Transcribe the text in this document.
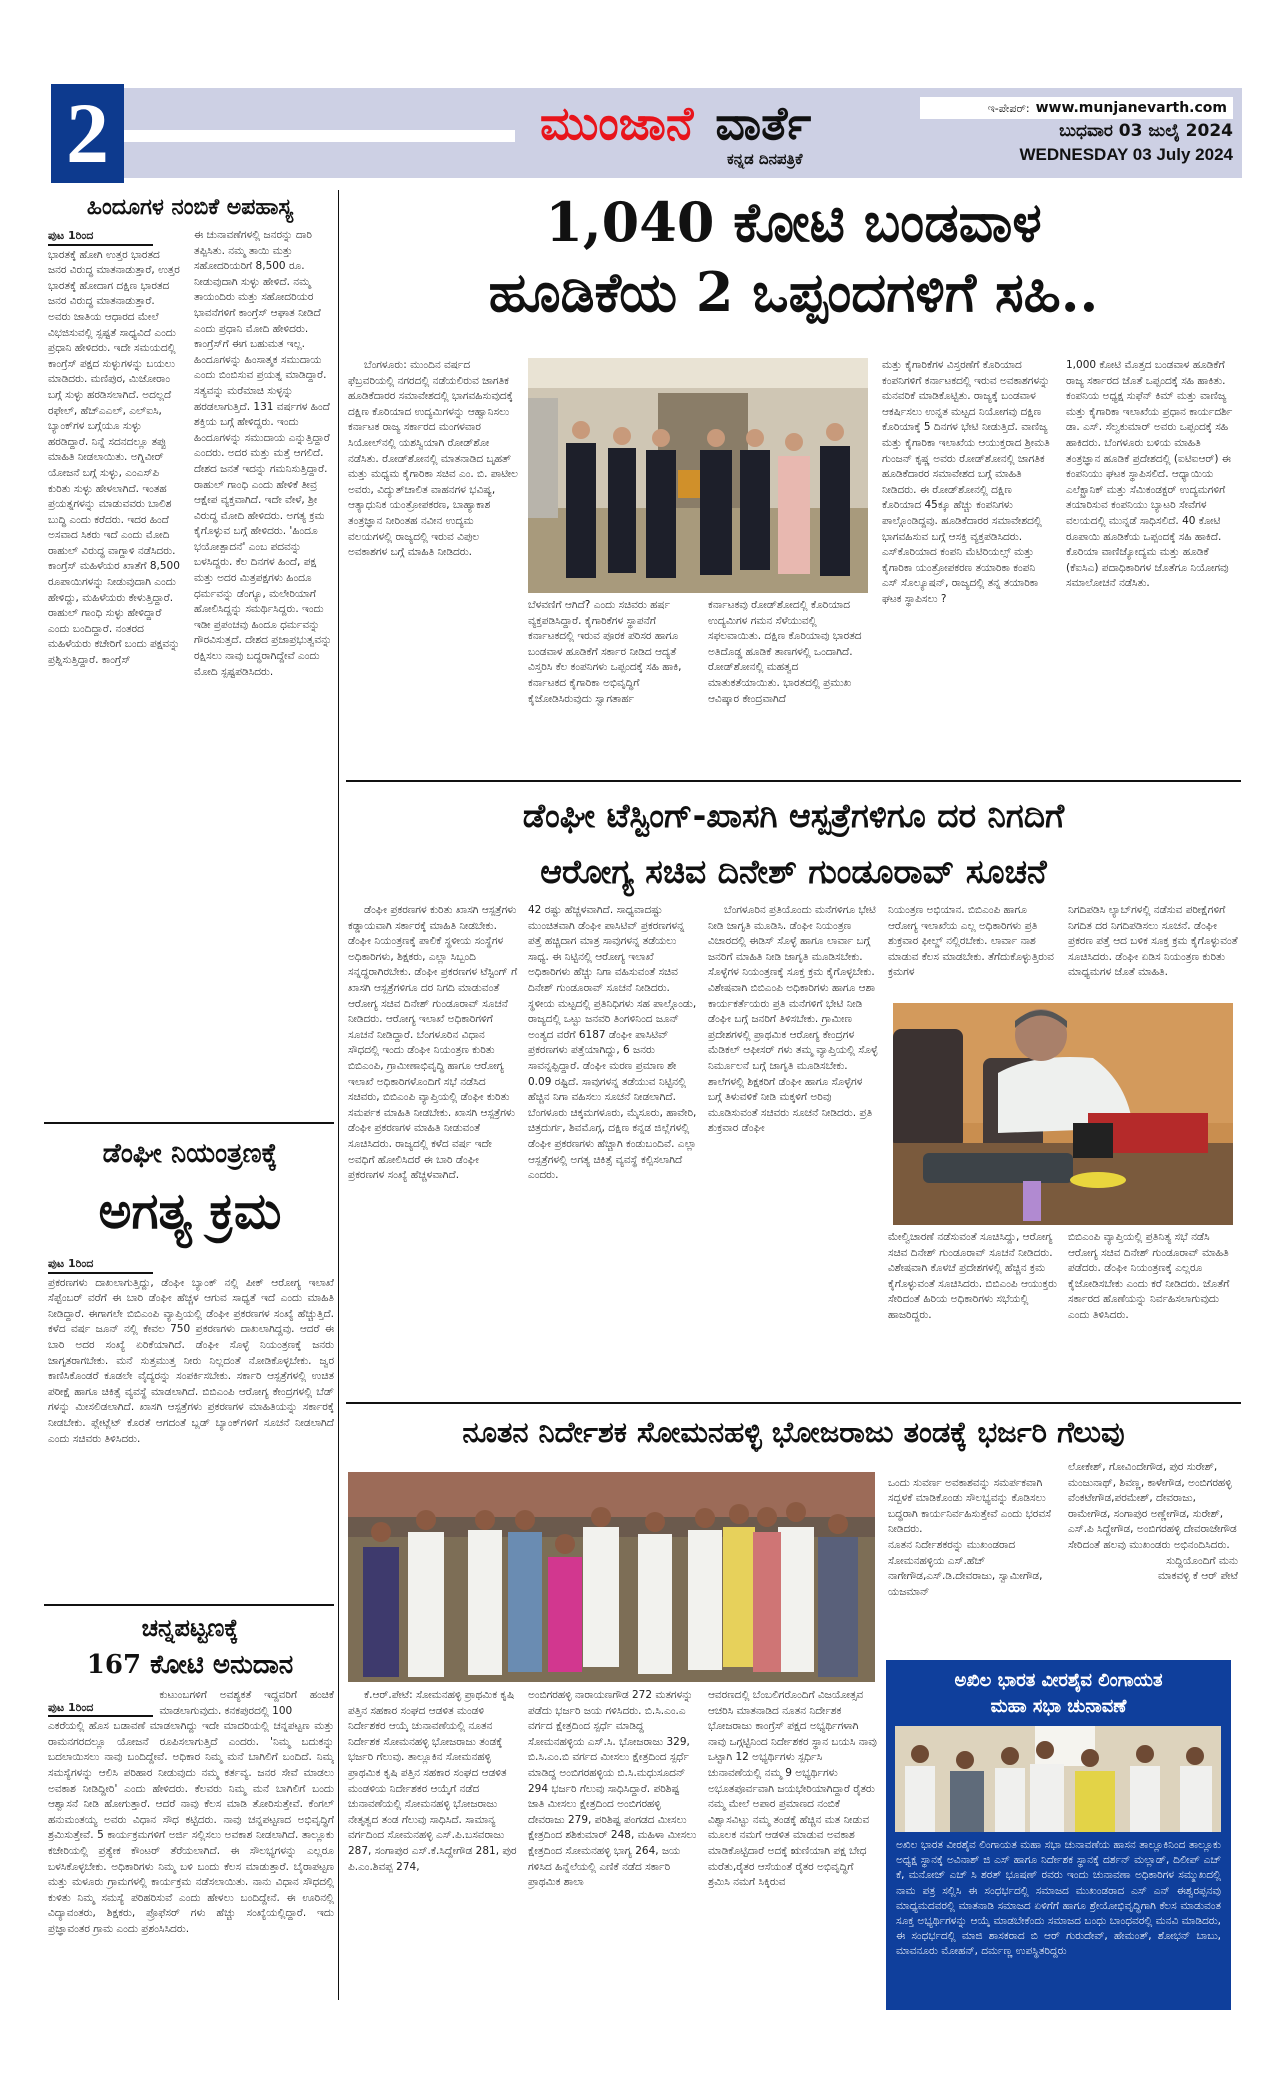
2	ಮುಂಜಾನೆ ವಾರ್ತೆ
ಕನ್ನಡ ದಿನಪತ್ರಿಕೆ
ಇ-ಪೇಪರ್: www.munjanevarth.com
ಬುಧವಾರ 03 ಜುಲೈ 2024
WEDNESDAY 03 July 2024
ಹಿಂದೂಗಳ ನಂಬಿಕೆ ಅಪಹಾಸ್ಯ
ಪುಟ 1ರಿಂದ
ಭಾರತಕ್ಕೆ ಹೋಗಿ ಉತ್ತರ ಭಾರತದ ಜನರ ವಿರುದ್ಧ ಮಾತನಾಡುತ್ತಾರೆ, ಉತ್ತರ ಭಾರತಕ್ಕೆ ಹೋದಾಗ ದಕ್ಷಿಣ ಭಾರತದ ಜನರ ವಿರುದ್ಧ ಮಾತನಾಡುತ್ತಾರೆ. ಅವರು ಜಾತಿಯ ಆಧಾರದ ಮೇಲೆ ವಿಭಜಿಸುವಲ್ಲಿ ಸ್ಪಷ್ಟತೆ ಸಾಧ್ಯವಿದೆ ಎಂದು ಪ್ರಧಾನಿ ಹೇಳಿದರು. ಇದೇ ಸಮಯದಲ್ಲಿ ಕಾಂಗ್ರೆಸ್ ಪಕ್ಷದ ಸುಳ್ಳುಗಳನ್ನು ಬಯಲು ಮಾಡಿದರು. ಮಣಿಪುರ, ಮಿಜೋರಾಂ ಬಗ್ಗೆ ಸುಳ್ಳು ಹರಡಿಸಲಾಗಿದೆ. ಅದಲ್ಲದೆ ರಫೇಲ್, ಹೆಚ್ಎಎಲ್, ಎಲ್ಐಸಿ, ಬ್ಯಾಂಕ್‌ಗಳ ಬಗ್ಗೆಯೂ ಸುಳ್ಳು ಹರಡಿದ್ದಾರೆ. ನಿನ್ನೆ ಸದನದಲ್ಲೂ ತಪ್ಪು ಮಾಹಿತಿ ನೀಡಲಾಯಿತು. ಅಗ್ನಿವೀರ್ ಯೋಜನೆ ಬಗ್ಗೆ ಸುಳ್ಳು, ಎಂಎಸ್‌ಪಿ ಕುರಿತು ಸುಳ್ಳು ಹೇಳಲಾಗಿದೆ. ಇಂತಹ ಪ್ರಯತ್ನಗಳನ್ನು ಮಾಡುವವರು ಬಾಲಿಶ ಬುದ್ಧಿ ಎಂದು ಕರೆದರು. ಇದರ ಹಿಂದೆ ಅಸವಾದ ಸಿಕರು ಇದೆ ಎಂದು ಮೋದಿ ರಾಹುಲ್ ವಿರುದ್ಧ ವಾಗ್ದಾಳಿ ನಡೆಸಿದರು. ಕಾಂಗ್ರೆಸ್ ಮಹಿಳೆಯರ ಖಾತೆಗೆ 8,500 ರೂಪಾಯಿಗಳನ್ನು ನೀಡುವುದಾಗಿ ಎಂದು ಹೇಳಿದ್ದು, ಮಹಿಳೆಯರು ಕೇಳುತ್ತಿದ್ದಾರೆ. ರಾಹುಲ್ ಗಾಂಧಿ ಸುಳ್ಳು ಹೇಳಿದ್ದಾರೆ ಎಂದು ಬಂದಿದ್ದಾರೆ. ನಂತರದ ಮಹಿಳೆಯರು ಕಚೇರಿಗೆ ಬಂದು ಪಕ್ಷವನ್ನು ಪ್ರಶ್ನಿಸುತ್ತಿದ್ದಾರೆ. ಕಾಂಗ್ರೆಸ್
ಈ ಚುನಾವಣೆಗಳಲ್ಲಿ ಜನರನ್ನು ದಾರಿ ತಪ್ಪಿಸಿತು. ನಮ್ಮ ತಾಯಿ ಮತ್ತು ಸಹೋದರಿಯರಿಗೆ 8,500 ರೂ. ನೀಡುವುದಾಗಿ ಸುಳ್ಳು ಹೇಳಿದೆ. ನಮ್ಮ ತಾಯಂದಿರು ಮತ್ತು ಸಹೋದರಿಯರ ಭಾವನೆಗಳಿಗೆ ಕಾಂಗ್ರೆಸ್ ಆಘಾತ ನೀಡಿದೆ ಎಂದು ಪ್ರಧಾನಿ ಮೋದಿ ಹೇಳಿದರು. ಕಾಂಗ್ರೆಸ್‌ಗೆ ಈಗ ಬಹುಮತ ಇಲ್ಲ. ಹಿಂದೂಗಳನ್ನು ಹಿಂಸಾತ್ಮಕ ಸಮುದಾಯ ಎಂದು ಬಿಂಬಿಸುವ ಪ್ರಯತ್ನ ಮಾಡಿದ್ದಾರೆ. ಸತ್ಯವನ್ನು ಮರೆಮಾಚಿ ಸುಳ್ಳನ್ನು ಹರಡಲಾಗುತ್ತಿದೆ. 131 ವರ್ಷಗಳ ಹಿಂದೆ ಶಕ್ತಿಯ ಬಗ್ಗೆ ಹೇಳಿದ್ದರು. ಇಂದು ಹಿಂದೂಗಳನ್ನು ಸಮುದಾಯ ಎನ್ನುತ್ತಿದ್ದಾರೆ ಎಂದರು. ಅದರ ಮತ್ತು ಮತ್ತೆ ಆಗಲಿದೆ. ದೇಶದ ಜನತೆ ಇದನ್ನು ಗಮನಿಸುತ್ತಿದ್ದಾರೆ. ರಾಹುಲ್ ಗಾಂಧಿ ಎಂದು ಹೇಳಿಕೆ ತೀವ್ರ ಆಕ್ಷೇಪ ವ್ಯಕ್ತವಾಗಿದೆ. ಇದೇ ವೇಳೆ, ಶ್ರೀ ವಿರುದ್ಧ ಮೋದಿ ಹೇಳಿದರು. ಅಗತ್ಯ ಕ್ರಮ ಕೈಗೊಳ್ಳುವ ಬಗ್ಗೆ ಹೇಳಿದರು. 'ಹಿಂದೂ ಭಯೋತ್ಪಾದನೆ' ಎಂಬ ಪದವನ್ನು ಬಳಸಿದ್ದರು. ಕೆಲ ದಿನಗಳ ಹಿಂದೆ, ಪಕ್ಷ ಮತ್ತು ಅದರ ಮಿತ್ರಪಕ್ಷಗಳು ಹಿಂದೂ ಧರ್ಮವನ್ನು ಡೆಂಗ್ಯೂ, ಮಲೇರಿಯಾಗೆ ಹೋಲಿಸಿದ್ದನ್ನು ಸಮರ್ಥಿಸಿದ್ದರು. ಇಂದು ಇಡೀ ಪ್ರಪಂಚವು ಹಿಂದೂ ಧರ್ಮವನ್ನು ಗೌರವಿಸುತ್ತದೆ. ದೇಶದ ಪ್ರಜಾಪ್ರಭುತ್ವವನ್ನು ರಕ್ಷಿಸಲು ನಾವು ಬದ್ಧರಾಗಿದ್ದೇವೆ ಎಂದು ಮೋದಿ ಸ್ಪಷ್ಟಪಡಿಸಿದರು.
ಡೆಂಘೀ ನಿಯಂತ್ರಣಕ್ಕೆ
ಅಗತ್ಯ ಕ್ರಮ
ಪುಟ 1ರಿಂದ
ಪ್ರಕರಣಗಳು ದಾಖಲಾಗುತ್ತಿದ್ದು, ಡೆಂಘೀ ಬ್ಯಾಂಕ್ ನಲ್ಲಿ ಪೀಕ್ ಆರೋಗ್ಯ ಇಲಾಖೆ ಸೆಪ್ಟೆಂಬರ್ ವರೆಗೆ ಈ ಬಾರಿ ಡೆಂಘೀ ಹೆಚ್ಚಳ ಆಗುವ ಸಾಧ್ಯತೆ ಇದೆ ಎಂದು ಮಾಹಿತಿ ನೀಡಿದ್ದಾರೆ. ಈಗಾಗಲೇ ಬಿಬಿಎಂಪಿ ವ್ಯಾಪ್ತಿಯಲ್ಲಿ ಡೆಂಘೀ ಪ್ರಕರಣಗಳ ಸಂಖ್ಯೆ ಹೆಚ್ಚುತ್ತಿದೆ. ಕಳೆದ ವರ್ಷ ಜೂನ್ ನಲ್ಲಿ ಕೇವಲ 750 ಪ್ರಕರಣಗಳು ದಾಖಲಾಗಿದ್ದವು. ಆದರೆ ಈ ಬಾರಿ ಅದರ ಸಂಖ್ಯೆ ಏರಿಕೆಯಾಗಿದೆ. ಡೆಂಘೀ ಸೊಳ್ಳೆ ನಿಯಂತ್ರಣಕ್ಕೆ ಜನರು ಜಾಗೃತರಾಗಬೇಕು. ಮನೆ ಸುತ್ತಮುತ್ತ ನೀರು ನಿಲ್ಲದಂತೆ ನೋಡಿಕೊಳ್ಳಬೇಕು. ಜ್ವರ ಕಾಣಿಸಿಕೊಂಡರೆ ಕೂಡಲೇ ವೈದ್ಯರನ್ನು ಸಂಪರ್ಕಿಸಬೇಕು. ಸರ್ಕಾರಿ ಆಸ್ಪತ್ರೆಗಳಲ್ಲಿ ಉಚಿತ ಪರೀಕ್ಷೆ ಹಾಗೂ ಚಿಕಿತ್ಸೆ ವ್ಯವಸ್ಥೆ ಮಾಡಲಾಗಿದೆ. ಬಿಬಿಎಂಪಿ ಆರೋಗ್ಯ ಕೇಂದ್ರಗಳಲ್ಲಿ ಬೆಡ್ ಗಳನ್ನು ಮೀಸಲಿಡಲಾಗಿದೆ. ಖಾಸಗಿ ಆಸ್ಪತ್ರೆಗಳು ಪ್ರಕರಣಗಳ ಮಾಹಿತಿಯನ್ನು ಸರ್ಕಾರಕ್ಕೆ ನೀಡಬೇಕು. ಪ್ಲೇಟ್ಲೆಟ್ ಕೊರತೆ ಆಗದಂತೆ ಬ್ಲಡ್ ಬ್ಯಾಂಕ್‌ಗಳಿಗೆ ಸೂಚನೆ ನೀಡಲಾಗಿದೆ ಎಂದು ಸಚಿವರು ತಿಳಿಸಿದರು.
ಚನ್ನಪಟ್ಟಣಕ್ಕೆ
167 ಕೋಟಿ ಅನುದಾನ
ಪುಟ 1ರಿಂದ
ಕುಟುಂಬಗಳಿಗೆ ಅವಶ್ಯಕತೆ ಇದ್ದವರಿಗೆ ಹಂಚಿಕೆ ಮಾಡಲಾಗುವುದು. ಕನಕಪುರದಲ್ಲಿ 100
ಎಕರೆಯಲ್ಲಿ ಹೊಸ ಬಡಾವಣೆ ಮಾಡಲಾಗಿದ್ದು ಇದೇ ಮಾದರಿಯಲ್ಲಿ ಚನ್ನಪಟ್ಟಣ ಮತ್ತು ರಾಮನಗರದಲ್ಲೂ ಯೋಜನೆ ರೂಪಿಸಲಾಗುತ್ತಿದೆ ಎಂದರು. 'ನಿಮ್ಮ ಬದುಕನ್ನು ಬದಲಾಯಿಸಲು ನಾವು ಬಂದಿದ್ದೇವೆ. ಅಧಿಕಾರ ನಿಮ್ಮ ಮನೆ ಬಾಗಿಲಿಗೆ ಬಂದಿದೆ. ನಿಮ್ಮ ಸಮಸ್ಯೆಗಳನ್ನು ಆಲಿಸಿ ಪರಿಹಾರ ನೀಡುವುದು ನಮ್ಮ ಕರ್ತವ್ಯ. ಜನರ ಸೇವೆ ಮಾಡಲು ಅವಕಾಶ ನೀಡಿದ್ದೀರಿ' ಎಂದು ಹೇಳಿದರು. ಕೆಲವರು ನಿಮ್ಮ ಮನೆ ಬಾಗಿಲಿಗೆ ಬಂದು ಆಶ್ವಾಸನೆ ನೀಡಿ ಹೋಗುತ್ತಾರೆ. ಆದರೆ ನಾವು ಕೆಲಸ ಮಾಡಿ ತೋರಿಸುತ್ತೇವೆ. ಕೆಂಗಲ್ ಹನುಮಂತಯ್ಯ ಅವರು ವಿಧಾನ ಸೌಧ ಕಟ್ಟಿದರು. ನಾವು ಚನ್ನಪಟ್ಟಣದ ಅಭಿವೃದ್ಧಿಗೆ ಶ್ರಮಿಸುತ್ತೇವೆ. 5 ಕಾರ್ಯಕ್ರಮಗಳಿಗೆ ಅರ್ಜಿ ಸಲ್ಲಿಸಲು ಅವಕಾಶ ನೀಡಲಾಗಿದೆ. ತಾಲ್ಲೂಕು ಕಚೇರಿಯಲ್ಲಿ ಪ್ರತ್ಯೇಕ ಕೌಂಟರ್ ತೆರೆಯಲಾಗಿದೆ. ಈ ಸೌಲಭ್ಯಗಳನ್ನು ಎಲ್ಲರೂ ಬಳಸಿಕೊಳ್ಳಬೇಕು. ಅಧಿಕಾರಿಗಳು ನಿಮ್ಮ ಬಳಿ ಬಂದು ಕೆಲಸ ಮಾಡುತ್ತಾರೆ. ಬೈರಾಪಟ್ಟಣ ಮತ್ತು ಮಳೂರು ಗ್ರಾಮಗಳಲ್ಲಿ ಕಾರ್ಯಕ್ರಮ ನಡೆಸಲಾಯಿತು. ನಾನು ವಿಧಾನ ಸೌಧದಲ್ಲಿ ಕುಳಿತು ನಿಮ್ಮ ಸಮಸ್ಯೆ ಪರಿಹರಿಸುವೆ ಎಂದು ಹೇಳಲು ಬಂದಿದ್ದೇನೆ. ಈ ಊರಿನಲ್ಲಿ ವಿದ್ಯಾವಂತರು, ಶಿಕ್ಷಕರು, ಪ್ರೊಫೆಸರ್ ಗಳು ಹೆಚ್ಚು ಸಂಖ್ಯೆಯಲ್ಲಿದ್ದಾರೆ. ಇದು ಪ್ರಜ್ಞಾವಂತರ ಗ್ರಾಮ ಎಂದು ಪ್ರಶಂಸಿಸಿದರು.
1,040 ಕೋಟಿ ಬಂಡವಾಳ
ಹೂಡಿಕೆಯ 2 ಒಪ್ಪಂದಗಳಿಗೆ ಸಹಿ..

ಬೆಂಗಳೂರು: ಮುಂದಿನ ವರ್ಷದ ಫೆಬ್ರವರಿಯಲ್ಲಿ ನಗರದಲ್ಲಿ ನಡೆಯಲಿರುವ ಜಾಗತಿಕ ಹೂಡಿಕೆದಾರರ ಸಮಾವೇಶದಲ್ಲಿ ಭಾಗವಹಿಸುವುದಕ್ಕೆ ದಕ್ಷಿಣ ಕೊರಿಯಾದ ಉದ್ಯಮಿಗಳನ್ನು ಆಹ್ವಾನಿಸಲು ಕರ್ನಾಟಕ ರಾಜ್ಯ ಸರ್ಕಾರದ ಮಂಗಳವಾರ ಸಿಯೋಲ್‌ನಲ್ಲಿ ಯಶಸ್ವಿಯಾಗಿ ರೋಡ್‌ಶೋ ನಡೆಸಿತು. ರೋಡ್‌ಶೋನಲ್ಲಿ ಮಾತನಾಡಿದ ಬೃಹತ್ ಮತ್ತು ಮಧ್ಯಮ ಕೈಗಾರಿಕಾ ಸಚಿವ ಎಂ. ಬಿ. ಪಾಟೀಲ ಅವರು, ವಿದ್ಯುತ್‌ಚಾಲಿತ ವಾಹನಗಳ ಭವಿಷ್ಯ, ಆತ್ಯಾಧುನಿಕ ಯಂತ್ರೋಪಕರಣ, ಬಾಹ್ಯಾಕಾಶ ತಂತ್ರಜ್ಞಾನ ನೀರಿಂತಹ ನವೀನ ಉದ್ಯಮ ವಲಯಗಳಲ್ಲಿ ರಾಜ್ಯದಲ್ಲಿ ಇರುವ ವಿಪುಲ ಅವಕಾಶಗಳ ಬಗ್ಗೆ ಮಾಹಿತಿ ನೀಡಿದರು.

ಬೆಳವಣಿಗೆ ಆಗಿದೆ? ಎಂದು ಸಚಿವರು ಹರ್ಷ ವ್ಯಕ್ತಪಡಿಸಿದ್ದಾರೆ. ಕೈಗಾರಿಕೆಗಳ ಸ್ಥಾಪನೆಗೆ ಕರ್ನಾಟಕದಲ್ಲಿ ಇರುವ ಪೂರಕ ಪರಿಸರ ಹಾಗೂ ಬಂಡವಾಳ ಹೂಡಿಕೆಗೆ ಸರ್ಕಾರ ನೀಡಿದ ಆದ್ಯತೆ ವಿಸ್ತರಿಸಿ ಕೆಲ ಕಂಪನಿಗಳು ಒಪ್ಪಂದಕ್ಕೆ ಸಹಿ ಹಾಕಿ, ಕರ್ನಾಟಕದ ಕೈಗಾರಿಕಾ ಅಭಿವೃದ್ಧಿಗೆ ಕೈಜೋಡಿಸಿರುವುದು ಸ್ವಾಗತಾರ್ಹ
ಕರ್ನಾಟಕವು ರೋಡ್‌ಶೋದಲ್ಲಿ ಕೊರಿಯಾದ ಉದ್ಯಮಿಗಳ ಗಮನ ಸೆಳೆಯುವಲ್ಲಿ ಸಫಲವಾಯಿತು. ದಕ್ಷಿಣ ಕೊರಿಯಾವು ಭಾರತದ ಅತಿದೊಡ್ಡ ಹೂಡಿಕೆ ತಾಣಗಳಲ್ಲಿ ಒಂದಾಗಿದೆ. ರೋಡ್‌ಶೋನಲ್ಲಿ ಮಹತ್ವದ ಮಾತುಕತೆಯಾಯಿತು. ಭಾರತದಲ್ಲಿ ಪ್ರಮುಖ ಆವಿಷ್ಕಾರ ಕೇಂದ್ರವಾಗಿದೆ
ಮತ್ತು ಕೈಗಾರಿಕೆಗಳ ವಿಸ್ತರಣೆಗೆ ಕೊರಿಯಾದ ಕಂಪನಿಗಳಿಗೆ ಕರ್ನಾಟಕದಲ್ಲಿ ಇರುವ ಅವಕಾಶಗಳನ್ನು ಮನವರಿಕೆ ಮಾಡಿಕೊಟ್ಟಿತು. ರಾಜ್ಯಕ್ಕೆ ಬಂಡವಾಳ ಆಕರ್ಷಿಸಲು ಉನ್ನತ ಮಟ್ಟದ ನಿಯೋಗವು ದಕ್ಷಿಣ ಕೊರಿಯಾಕ್ಕೆ 5 ದಿನಗಳ ಭೇಟಿ ನೀಡುತ್ತಿದೆ. ವಾಣಿಜ್ಯ ಮತ್ತು ಕೈಗಾರಿಕಾ ಇಲಾಖೆಯ ಆಯುಕ್ತರಾದ ಶ್ರೀಮತಿ ಗುಂಜನ್ ಕೃಷ್ಣ ಅವರು ರೋಡ್‌ಶೋನಲ್ಲಿ ಜಾಗತಿಕ ಹೂಡಿಕೆದಾರರ ಸಮಾವೇಶದ ಬಗ್ಗೆ ಮಾಹಿತಿ ನೀಡಿದರು. ಈ ರೋಡ್‌ಶೋನಲ್ಲಿ ದಕ್ಷಿಣ ಕೊರಿಯಾದ 45ಕ್ಕೂ ಹೆಚ್ಚು ಕಂಪನಿಗಳು ಪಾಲ್ಗೊಂಡಿದ್ದವು. ಹೂಡಿಕೆದಾರರ ಸಮಾವೇಶದಲ್ಲಿ ಭಾಗವಹಿಸುವ ಬಗ್ಗೆ ಆಸಕ್ತಿ ವ್ಯಕ್ತಪಡಿಸಿದರು. ಎಸ್‌ಕೊರಿಯಾದ ಕಂಪನಿ ಮೆಟಿರಿಯಲ್ಸ್ ಮತ್ತು ಕೈಗಾರಿಕಾ ಯಂತ್ರೋಪಕರಣ ತಯಾರಿಕಾ ಕಂಪನಿ ಎಸ್ ಸೊಲ್ಯೂಷನ್, ರಾಜ್ಯದಲ್ಲಿ ತನ್ನ ತಯಾರಿಕಾ ಘಟಕ ಸ್ಥಾಪಿಸಲು ?
1,000 ಕೋಟಿ ಮೊತ್ತದ ಬಂಡವಾಳ ಹೂಡಿಕೆಗೆ ರಾಜ್ಯ ಸರ್ಕಾರದ ಜೊತೆ ಒಪ್ಪಂದಕ್ಕೆ ಸಹಿ ಹಾಕಿತು. ಕಂಪನಿಯ ಅಧ್ಯಕ್ಷ ಸುಫೆನ್ ಕಿಮ್ ಮತ್ತು ವಾಣಿಜ್ಯ ಮತ್ತು ಕೈಗಾರಿಕಾ ಇಲಾಖೆಯ ಪ್ರಧಾನ ಕಾರ್ಯದರ್ಶಿ ಡಾ. ಎಸ್. ಸೆಲ್ವಕುಮಾರ್ ಅವರು ಒಪ್ಪಂದಕ್ಕೆ ಸಹಿ ಹಾಕಿದರು. ಬೆಂಗಳೂರು ಬಳಿಯ ಮಾಹಿತಿ ತಂತ್ರಜ್ಞಾನ ಹೂಡಿಕೆ ಪ್ರದೇಶದಲ್ಲಿ (ಐಟಿಐಆರ್) ಈ ಕಂಪನಿಯು ಘಟಕ ಸ್ಥಾಪಿಸಲಿದೆ. ಆಧ್ಯಾಯಿಯ ಎಲೆಕ್ಟ್ರಾನಿಕ್ ಮತ್ತು ಸೆಮಿಕಂಡಕ್ಟರ್ ಉದ್ಯಮಗಳಿಗೆ ತಯಾರಿಸುವ ಕಂಪನಿಯು ಬ್ಯಾಟರಿ ಸೇವೆಗಳ ವಲಯದಲ್ಲಿ ಮುನ್ನಡೆ ಸಾಧಿಸಲಿದೆ. 40 ಕೋಟಿ ರೂಪಾಯಿ ಹೂಡಿಕೆಯ ಒಪ್ಪಂದಕ್ಕೆ ಸಹಿ ಹಾಕಿದೆ. ಕೊರಿಯಾ ವಾಣಿಜ್ಯೋದ್ಯಮ ಮತ್ತು ಹೂಡಿಕೆ (ಕೆಐಸಿಎ) ಪದಾಧಿಕಾರಿಗಳ ಜೊತೆಗೂ ನಿಯೋಗವು ಸಮಾಲೋಚನೆ ನಡೆಸಿತು.
ಡೆಂಘೀ ಟೆಸ್ಟಿಂಗ್-ಖಾಸಗಿ ಆಸ್ಪತ್ರೆಗಳಿಗೂ ದರ ನಿಗದಿಗೆ
ಆರೋಗ್ಯ ಸಚಿವ ದಿನೇಶ್ ಗುಂಡೂರಾವ್ ಸೂಚನೆ

ಡೆಂಘೀ ಪ್ರಕರಣಗಳ ಕುರಿತು ಖಾಸಗಿ ಆಸ್ಪತ್ರೆಗಳು ಕಡ್ಡಾಯವಾಗಿ ಸರ್ಕಾರಕ್ಕೆ ಮಾಹಿತಿ ನೀಡಬೇಕು. ಡೆಂಘೀ ನಿಯಂತ್ರಣಕ್ಕೆ ಪಾಲಿಕೆ ಸ್ಥಳೀಯ ಸಂಸ್ಥೆಗಳ ಅಧಿಕಾರಿಗಳು, ಶಿಕ್ಷಕರು, ಎಲ್ಲಾ ಸಿಬ್ಬಂದಿ ಸನ್ನದ್ಧರಾಗಿರಬೇಕು. ಡೆಂಘೀ ಪ್ರಕರಣಗಳ ಟೆಸ್ಟಿಂಗ್ ಗೆ ಖಾಸಗಿ ಆಸ್ಪತ್ರೆಗಳಿಗೂ ದರ ನಿಗದಿ ಮಾಡುವಂತೆ ಆರೋಗ್ಯ ಸಚಿವ ದಿನೇಶ್ ಗುಂಡೂರಾವ್ ಸೂಚನೆ ನೀಡಿದರು. ಆರೋಗ್ಯ ಇಲಾಖೆ ಅಧಿಕಾರಿಗಳಿಗೆ ಸೂಚನೆ ನೀಡಿದ್ದಾರೆ. ಬೆಂಗಳೂರಿನ ವಿಧಾನ ಸೌಧದಲ್ಲಿ ಇಂದು ಡೆಂಘೀ ನಿಯಂತ್ರಣ ಕುರಿತು ಬಿಬಿಎಂಪಿ, ಗ್ರಾಮೀಣಾಭಿವೃದ್ಧಿ ಹಾಗೂ ಆರೋಗ್ಯ ಇಲಾಖೆ ಅಧಿಕಾರಿಗಳೊಂದಿಗೆ ಸಭೆ ನಡೆಸಿದ ಸಚಿವರು, ಬಿಬಿಎಂಪಿ ವ್ಯಾಪ್ತಿಯಲ್ಲಿ ಡೆಂಘೀ ಕುರಿತು ಸಮರ್ಪಕ ಮಾಹಿತಿ ನೀಡಬೇಕು. ಖಾಸಗಿ ಆಸ್ಪತ್ರೆಗಳು ಡೆಂಘೀ ಪ್ರಕರಣಗಳ ಮಾಹಿತಿ ನೀಡುವಂತೆ ಸೂಚಿಸಿದರು. ರಾಜ್ಯದಲ್ಲಿ ಕಳೆದ ವರ್ಷ ಇದೇ ಅವಧಿಗೆ ಹೋಲಿಸಿದರೆ ಈ ಬಾರಿ ಡೆಂಘೀ ಪ್ರಕರಣಗಳ ಸಂಖ್ಯೆ ಹೆಚ್ಚಳವಾಗಿದೆ.

42 ರಷ್ಟು ಹೆಚ್ಚಳವಾಗಿದೆ. ಸಾಧ್ಯವಾದಷ್ಟು ಮುಂಚಿತವಾಗಿ ಡೆಂಘೀ ಪಾಸಿಟಿವ್ ಪ್ರಕರಣಗಳನ್ನ ಪತ್ತೆ ಹಚ್ಚಿದಾಗ ಮಾತ್ರ ಸಾವುಗಳನ್ನ ತಡೆಯಲು ಸಾಧ್ಯ. ಈ ನಿಟ್ಟಿನಲ್ಲಿ ಆರೋಗ್ಯ ಇಲಾಖೆ ಅಧಿಕಾರಿಗಳು ಹೆಚ್ಚು ನಿಗಾ ವಹಿಸುವಂತೆ ಸಚಿವ ದಿನೇಶ್ ಗುಂಡೂರಾವ್ ಸೂಚನೆ ನೀಡಿದರು. ಸ್ಥಳೀಯ ಮಟ್ಟದಲ್ಲಿ ಪ್ರತಿನಿಧಿಗಳು ಸಹ ಪಾಲ್ಗೊಂಡು, ರಾಜ್ಯದಲ್ಲಿ ಒಟ್ಟು ಜನವರಿ ತಿಂಗಳಿನಿಂದ ಜೂನ್ ಅಂತ್ಯದ ವರೆಗೆ 6187 ಡೆಂಘೀ ಪಾಸಿಟಿವ್ ಪ್ರಕರಣಗಳು ಪತ್ತೆಯಾಗಿದ್ದು, 6 ಜನರು ಸಾವನ್ನಪ್ಪಿದ್ದಾರೆ. ಡೆಂಘೀ ಮರಣ ಪ್ರಮಾಣ ಶೇ 0.09 ರಷ್ಟಿದೆ. ಸಾವುಗಳನ್ನ ತಡೆಯುವ ನಿಟ್ಟಿನಲ್ಲಿ ಹೆಚ್ಚಿನ ನಿಗಾ ವಹಿಸಲು ಸೂಚನೆ ನೀಡಲಾಗಿದೆ. ಬೆಂಗಳೂರು ಚಿಕ್ಕಮಗಳೂರು, ಮೈಸೂರು, ಹಾವೇರಿ, ಚಿತ್ರದುರ್ಗ, ಶಿವಮೊಗ್ಗ, ದಕ್ಷಿಣ ಕನ್ನಡ ಜಿಲ್ಲೆಗಳಲ್ಲಿ ಡೆಂಘೀ ಪ್ರಕರಣಗಳು ಹೆಚ್ಚಾಗಿ ಕಂಡುಬಂದಿವೆ. ಎಲ್ಲಾ ಆಸ್ಪತ್ರೆಗಳಲ್ಲಿ ಅಗತ್ಯ ಚಿಕಿತ್ಸೆ ವ್ಯವಸ್ಥೆ ಕಲ್ಪಿಸಲಾಗಿದೆ ಎಂದರು.

ಬೆಂಗಳೂರಿನ ಪ್ರತಿಯೊಂದು ಮನೆಗಳಿಗೂ ಭೇಟಿ ನೀಡಿ ಜಾಗೃತಿ ಮೂಡಿಸಿ. ಡೆಂಘೀ ನಿಯಂತ್ರಣ ವಿಚಾರದಲ್ಲಿ ಈಡಿಸ್ ಸೊಳ್ಳೆ ಹಾಗೂ ಲಾರ್ವಾ ಬಗ್ಗೆ ಜನರಿಗೆ ಮಾಹಿತಿ ನೀಡಿ ಜಾಗೃತಿ ಮೂಡಿಸಬೇಕು. ಸೊಳ್ಳೆಗಳ ನಿಯಂತ್ರಣಕ್ಕೆ ಸೂಕ್ತ ಕ್ರಮ ಕೈಗೊಳ್ಳಬೇಕು. ವಿಶೇಷವಾಗಿ ಬಿಬಿಎಂಪಿ ಅಧಿಕಾರಿಗಳು ಹಾಗೂ ಆಶಾ ಕಾರ್ಯಕರ್ತೆಯರು ಪ್ರತಿ ಮನೆಗಳಿಗೆ ಭೇಟಿ ನೀಡಿ ಡೆಂಘೀ ಬಗ್ಗೆ ಜನರಿಗೆ ತಿಳಿಸಬೇಕು. ಗ್ರಾಮೀಣ ಪ್ರದೇಶಗಳಲ್ಲಿ ಪ್ರಾಥಮಿಕ ಆರೋಗ್ಯ ಕೇಂದ್ರಗಳ ಮೆಡಿಕಲ್ ಆಫೀಸರ್ ಗಳು ತಮ್ಮ ವ್ಯಾಪ್ತಿಯಲ್ಲಿ ಸೊಳ್ಳೆ ನಿರ್ಮೂಲನೆ ಬಗ್ಗೆ ಜಾಗೃತಿ ಮೂಡಿಸಬೇಕು. ಶಾಲೆಗಳಲ್ಲಿ ಶಿಕ್ಷಕರಿಗೆ ಡೆಂಘೀ ಹಾಗೂ ಸೊಳ್ಳೆಗಳ ಬಗ್ಗೆ ತಿಳುವಳಿಕೆ ನೀಡಿ ಮಕ್ಕಳಿಗೆ ಅರಿವು ಮೂಡಿಸುವಂತೆ ಸಚಿವರು ಸೂಚನೆ ನೀಡಿದರು. ಪ್ರತಿ ಶುಕ್ರವಾರ ಡೆಂಘೀ

ನಿಯಂತ್ರಣ ಅಭಿಯಾನ. ಬಿಬಿಎಂಪಿ ಹಾಗೂ ಆರೋಗ್ಯ ಇಲಾಖೆಯ ಎಲ್ಲ ಅಧಿಕಾರಿಗಳು ಪ್ರತಿ ಶುಕ್ರವಾರ ಫೀಲ್ಡ್ ನಲ್ಲಿರಬೇಕು. ಲಾರ್ವಾ ನಾಶ ಮಾಡುವ ಕೆಲಸ ಮಾಡಬೇಕು. ತೆಗೆದುಕೊಳ್ಳುತ್ತಿರುವ ಕ್ರಮಗಳ
ನಿಗದಿಪಡಿಸಿ ಲ್ಯಾಬ್‌ಗಳಲ್ಲಿ ನಡೆಸುವ ಪರೀಕ್ಷೆಗಳಿಗೆ ನಿಗದಿತ ದರ ನಿಗದಿಪಡಿಸಲು ಸೂಚನೆ. ಡೆಂಘೀ ಪ್ರಕರಣ ಪತ್ತೆ ಆದ ಬಳಿಕ ಸೂಕ್ತ ಕ್ರಮ ಕೈಗೊಳ್ಳುವಂತೆ ಸೂಚಿಸಿದರು. ಡೆಂಘೀ ಏಡಿಸ ನಿಯಂತ್ರಣ ಕುರಿತು ಮಾಧ್ಯಮಗಳ ಜೊತೆ ಮಾಹಿತಿ.
ಮೇಲ್ವಿಚಾರಣೆ ನಡೆಸುವಂತೆ ಸೂಚಿಸಿದ್ದು, ಆರೋಗ್ಯ ಸಚಿವ ದಿನೇಶ್ ಗುಂಡೂರಾವ್ ಸೂಚನೆ ನೀಡಿದರು. ವಿಶೇಷವಾಗಿ ಕೊಳಚೆ ಪ್ರದೇಶಗಳಲ್ಲಿ ಹೆಚ್ಚಿನ ಕ್ರಮ ಕೈಗೊಳ್ಳುವಂತೆ ಸೂಚಿಸಿದರು. ಬಿಬಿಎಂಪಿ ಆಯುಕ್ತರು ಸೇರಿದಂತೆ ಹಿರಿಯ ಅಧಿಕಾರಿಗಳು ಸಭೆಯಲ್ಲಿ ಹಾಜರಿದ್ದರು.
ಬಿಬಿಎಂಪಿ ವ್ಯಾಪ್ತಿಯಲ್ಲಿ ಪ್ರತಿನಿತ್ಯ ಸಭೆ ನಡೆಸಿ ಆರೋಗ್ಯ ಸಚಿವ ದಿನೇಶ್ ಗುಂಡೂರಾವ್ ಮಾಹಿತಿ ಪಡೆದರು. ಡೆಂಘೀ ನಿಯಂತ್ರಣಕ್ಕೆ ಎಲ್ಲರೂ ಕೈಜೋಡಿಸಬೇಕು ಎಂದು ಕರೆ ನೀಡಿದರು. ಜೊತೆಗೆ ಸರ್ಕಾರದ ಹೊಣೆಯನ್ನು ನಿರ್ವಹಿಸಲಾಗುವುದು ಎಂದು ತಿಳಿಸಿದರು.
ನೂತನ ನಿರ್ದೇಶಕ ಸೋಮನಹಳ್ಳಿ ಭೋಜರಾಜು ತಂಡಕ್ಕೆ ಭರ್ಜರಿ ಗೆಲುವು

ಕೆ.ಆರ್.ಪೇಟೆ: ಸೋಮನಹಳ್ಳಿ ಪ್ರಾಥಮಿಕ ಕೃಷಿ ಪತ್ತಿನ ಸಹಕಾರ ಸಂಘದ ಆಡಳಿತ ಮಂಡಳಿ ನಿರ್ದೇಶಕರ ಆಯ್ಕೆ ಚುನಾವಣೆಯಲ್ಲಿ ನೂತನ ನಿರ್ದೇಶಕ ಸೋಮನಹಳ್ಳಿ ಭೋಜರಾಜು ತಂಡಕ್ಕೆ ಭರ್ಜರಿ ಗೆಲುವು. ತಾಲ್ಲೂಕಿನ ಸೋಮನಹಳ್ಳಿ ಪ್ರಾಥಮಿಕ ಕೃಷಿ ಪತ್ತಿನ ಸಹಕಾರ ಸಂಘದ ಆಡಳಿತ ಮಂಡಳಿಯ ನಿರ್ದೇಶಕರ ಆಯ್ಕೆಗೆ ನಡೆದ ಚುನಾವಣೆಯಲ್ಲಿ ಸೋಮನಹಳ್ಳಿ ಭೋಜರಾಜು ನೇತೃತ್ವದ ತಂಡ ಗೆಲುವು ಸಾಧಿಸಿದೆ. ಸಾಮಾನ್ಯ ವರ್ಗದಿಂದ ಸೋಮನಹಳ್ಳಿ ಎಸ್.ಪಿ.ಬಸವರಾಜು 287, ಸಂಗಾಪುರ ಎಸ್.ಕೆ.ಸಿದ್ದೇಗೌಡ 281, ಪುರ ಪಿ.ಎಂ.ಶಿವಪ್ಪ 274,

ಅಂಬಿಗರಹಳ್ಳಿ ನಾರಾಯಣಗೌಡ 272 ಮತಗಳನ್ನು ಪಡೆದು ಭರ್ಜರಿ ಜಯ ಗಳಿಸಿದರು. ಬಿ.ಸಿ.ಎಂ.ಎ ವರ್ಗದ ಕ್ಷೇತ್ರದಿಂದ ಸ್ಪರ್ಧೆ ಮಾಡಿದ್ದ ಸೋಮನಹಳ್ಳಿಯ ಎಸ್.ಸಿ. ಭೋಜರಾಜು 329, ಬಿ.ಸಿ.ಎಂ.ಬಿ ವರ್ಗದ ಮೀಸಲು ಕ್ಷೇತ್ರದಿಂದ ಸ್ಪರ್ಧೆ ಮಾಡಿದ್ದ ಅಂಬಿಗರಹಳ್ಳಿಯ ಬಿ.ಸಿ.ಮಧುಸೂದನ್ 294 ಭರ್ಜರಿ ಗೆಲುವು ಸಾಧಿಸಿದ್ದಾರೆ. ಪರಿಶಿಷ್ಟ ಜಾತಿ ಮೀಸಲು ಕ್ಷೇತ್ರದಿಂದ ಅಂಬಿಗರಹಳ್ಳಿ ದೇವರಾಜು 279, ಪರಿಶಿಷ್ಟ ಪಂಗಡದ ಮೀಸಲು ಕ್ಷೇತ್ರದಿಂದ ಶಶಿಕುಮಾರ್ 248, ಮಹಿಳಾ ಮೀಸಲು ಕ್ಷೇತ್ರದಿಂದ ಸೋಮನಹಳ್ಳಿ ಭಾಗ್ಯ 264, ಜಯ ಗಳಿಸಿದ ಹಿನ್ನೆಲೆಯಲ್ಲಿ ಎಣಿಕೆ ನಡೆದ ಸರ್ಕಾರಿ ಪ್ರಾಥಮಿಕ ಶಾಲಾ
ಆವರಣದಲ್ಲಿ ಬೆಂಬಲಿಗರೊಂದಿಗೆ ವಿಜಯೋತ್ಸವ ಆಚರಿಸಿ ಮಾತನಾಡಿದ ನೂತನ ನಿರ್ದೇಶಕ ಭೋಜರಾಜು ಕಾಂಗ್ರೆಸ್ ಪಕ್ಷದ ಅಭ್ಯರ್ಥಿಗಳಾಗಿ ನಾವು ಒಗ್ಗಟ್ಟಿನಿಂದ ನಿರ್ದೇಶಕರ ಸ್ಥಾನ ಬಯಸಿ ನಾವು ಒಟ್ಟಾಗಿ 12 ಅಭ್ಯರ್ಥಿಗಳು ಸ್ಪರ್ಧಿಸಿ ಚುನಾವಣೆಯಲ್ಲಿ ನಮ್ಮ 9 ಅಭ್ಯರ್ಥಿಗಳು ಅಭೂತಪೂರ್ವವಾಗಿ ಜಯಭೇರಿಯಾಗಿದ್ದಾರೆ ರೈತರು ನಮ್ಮ ಮೇಲೆ ಅಪಾರ ಪ್ರಮಾಣದ ನಂಬಿಕೆ ವಿಶ್ವಾಸವಿಟ್ಟು ನಮ್ಮ ತಂಡಕ್ಕೆ ಹೆಚ್ಚಿನ ಮತ ನೀಡುವ ಮೂಲಕ ನಮಗೆ ಆಡಳಿತ ಮಾಡುವ ಅವಕಾಶ ಮಾಡಿಕೊಟ್ಟಿದಾರೆ ಅದಕ್ಕೆ ಋಣಿಯಾಗಿ ಪಕ್ಷ ಬೇಧ ಮರೆತು,ರೈತರ ಆಸೆಯಂತೆ ರೈತರ ಅಭಿವೃದ್ಧಿಗೆ ಶ್ರಮಿಸಿ ನಮಗೆ ಸಿಕ್ಕಿರುವ

ಒಂದು ಸುವರ್ಣ ಅವಕಾಶವನ್ನು ಸಮರ್ಪಕವಾಗಿ ಸದ್ಬಳಕೆ ಮಾಡಿಕೊಂಡು ಸೌಲಭ್ಯವನ್ನು ಕೊಡಿಸಲು ಬದ್ಧರಾಗಿ ಕಾರ್ಯನಿರ್ವಹಿಸುತ್ತೇವೆ ಎಂದು ಭರವಸೆ ನೀಡಿದರು.
ನೂತನ ನಿರ್ದೇಶಕರನ್ನು ಮುಖಂಡರಾದ ಸೋಮನಹಳ್ಳಿಯ ಎಸ್.ಹೆಚ್ ನಾಗೇಗೌಡ,ಎಸ್.ಡಿ.ದೇವರಾಜು, ಸ್ವಾಮೀಗೌಡ, ಯಜಮಾನ್

ಲೋಕೇಶ್, ಗೋವಿಂದೇಗೌಡ, ಪುರ ಸುರೇಶ್, ಮಂಜುನಾಥ್, ಶಿವಣ್ಣ, ಕಾಳೇಗೌಡ, ಅಂಬಿಗರಹಳ್ಳಿ ವೆಂಕಟೇಗೌಡ,ಪರಮೇಶ್, ದೇವರಾಜು, ರಾಮೇಗೌಡ, ಸಂಗಾಪುರ ಅಣ್ಣೇಗೌಡ, ಸುರೇಶ್, ಎಸ್.ಪಿ ಸಿದ್ದೇಗೌಡ, ಅಂಬಿಗರಹಳ್ಳಿ ದೇವರಾಜೇಗೌಡ ಸೇರಿದಂತೆ ಹಲವು ಮುಖಂಡರು ಅಭಿನಂದಿಸಿದರು.
ಸುದ್ದಿಯೊಂದಿಗೆ ಮನು
ಮಾಕವಳ್ಳಿ ಕೆ ಆರ್ ಪೇಟೆ
ಅಖಿಲ ಭಾರತ ವೀರಶೈವ ಲಿಂಗಾಯತ
ಮಹಾ ಸಭಾ ಚುನಾವಣೆ
ಅಖಿಲ ಭಾರತ ವೀರಶೈವ ಲಿಂಗಾಯತ ಮಹಾ ಸಭಾ ಚುನಾವಣೆಯ ಹಾಸನ ತಾಲ್ಲೂಕಿನಿಂದ ತಾಲ್ಲೂಕು ಅಧ್ಯಕ್ಷ ಸ್ಥಾನಕ್ಕೆ ಅವಿನಾಶ್ ಜಿ ಎಸ್ ಹಾಗೂ ನಿರ್ದೇಶಕ ಸ್ಥಾನಕ್ಕೆ ದರ್ಶನ್ ಮಲ್ಲಾಡ್, ದಿಲೀಪ್ ಎಚ್ ಕೆ, ಮನೋಜ್ ಎಚ್ ಸಿ ಶರತ್ ಭೂಷಣ್ ರವರು ಇಂದು ಚುನಾವಣಾ ಅಧಿಕಾರಿಗಳ ಸಮ್ಮುಖದಲ್ಲಿ ನಾಮ ಪತ್ರ ಸಲ್ಲಿಸಿ ಈ ಸಂಧರ್ಭದಲ್ಲಿ ಸಮಾಜದ ಮುಖಂಡರಾದ ಎಸ್ ಎನ್ ಈಶ್ವರಪ್ಪನವು ಮಾಧ್ಯಮದವರಲ್ಲಿ ಮಾತನಾಡಿ ಸಮಾಜದ ಏಳಿಗೆಗೆ ಹಾಗೂ ಶ್ರೇಯೋಭಿವೃದ್ಧಿಗಾಗಿ ಕೆಲಸ ಮಾಡುವಂತ ಸೂಕ್ತ ಅಭ್ಯರ್ಥಿಗಳನ್ನು ಆಯ್ಕೆ ಮಾಡಬೇಕೆಂದು ಸಮಾಜದ ಬಂಧು ಬಾಂಧವರಲ್ಲಿ ಮನವಿ ಮಾಡಿದರು, ಈ ಸಂಧರ್ಭದಲ್ಲಿ ಮಾಜಿ ಶಾಸಕರಾದ ಬಿ ಆರ್ ಗುರುದೇವ್, ಹೇಮಂತ್, ಶೋಭನ್ ಬಾಬು, ಮಾವನೂರು ಮೋಹನ್, ದರ್ಮಣ್ಣ ಉಪಸ್ಥಿತರಿದ್ದರು
